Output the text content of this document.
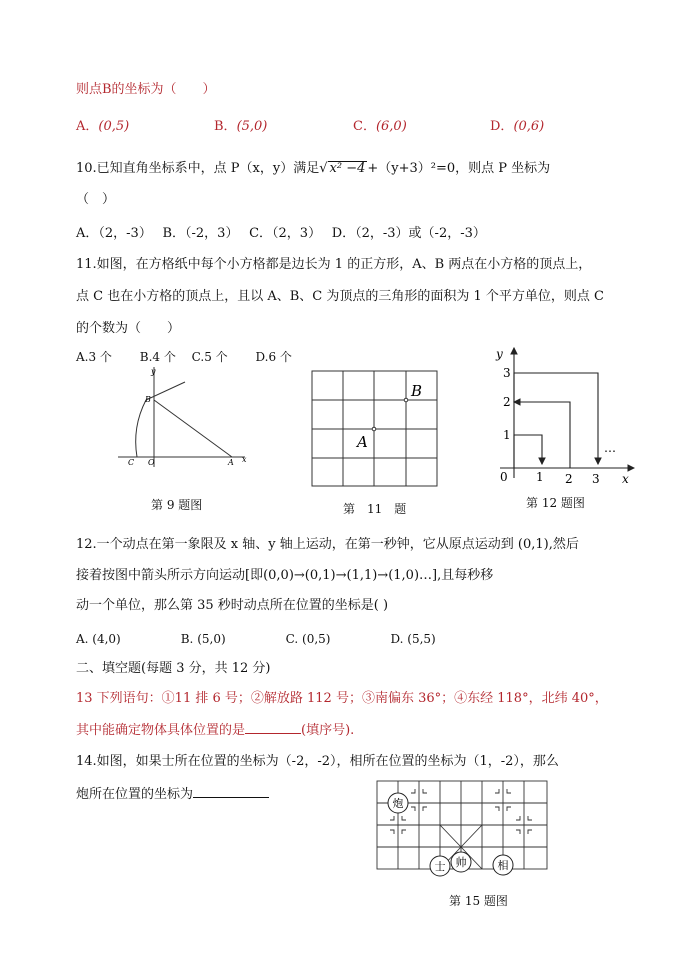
则点B的坐标为（　　）
A．(0,5)	B．(5,0)	C．(6,0)	D．(0,6)
10.已知直角坐标系中，点 P（x，y）满足√ x² −4 +（y+3）²=0，则点 P 坐标为
（　）
A．（2，-3）　 B．（-2，3）　 C．（2，3）　 D．（2，-3）或（-2，-3）
11.如图，在方格纸中每个小方格都是边长为 1 的正方形，A、B 两点在小方格的顶点上，
点 C 也在小方格的顶点上，且以 A、B、C 为顶点的三角形的面积为 1 个平方单位，则点 C
的个数为（　　）
A.3 个　　 B.4 个　 C.5 个　　 D.6 个
y
x
B
C O	A
第 9 题图
B
A
第　11　题
y
x
0
1
2
3
1 2 3
…
第 12 题图
12.一个动点在第一象限及 x 轴、y 轴上运动，在第一秒钟，它从原点运动到 (0,1),然后
接着按图中箭头所示方向运动[即(0,0)→(0,1)→(1,1)→(1,0)…],且每秒移
动一个单位，那么第 35 秒时动点所在位置的坐标是( )
A. (4,0)　　　　　B. (5,0)　　　　　C. (0,5)　　　　　D. (5,5)
二、填空题(每题 3 分，共 12 分)
13 下列语句：①11 排 6 号；②解放路 112 号；③南偏东 36°；④东经 118°，北纬 40°，
其中能确定物体具体位置的是	(填序号).
14.如图，如果士所在位置的坐标为（-2，-2），相所在位置的坐标为（1，-2），那么
炮所在位置的坐标为
炮
士 帅	相
第 15 题图
